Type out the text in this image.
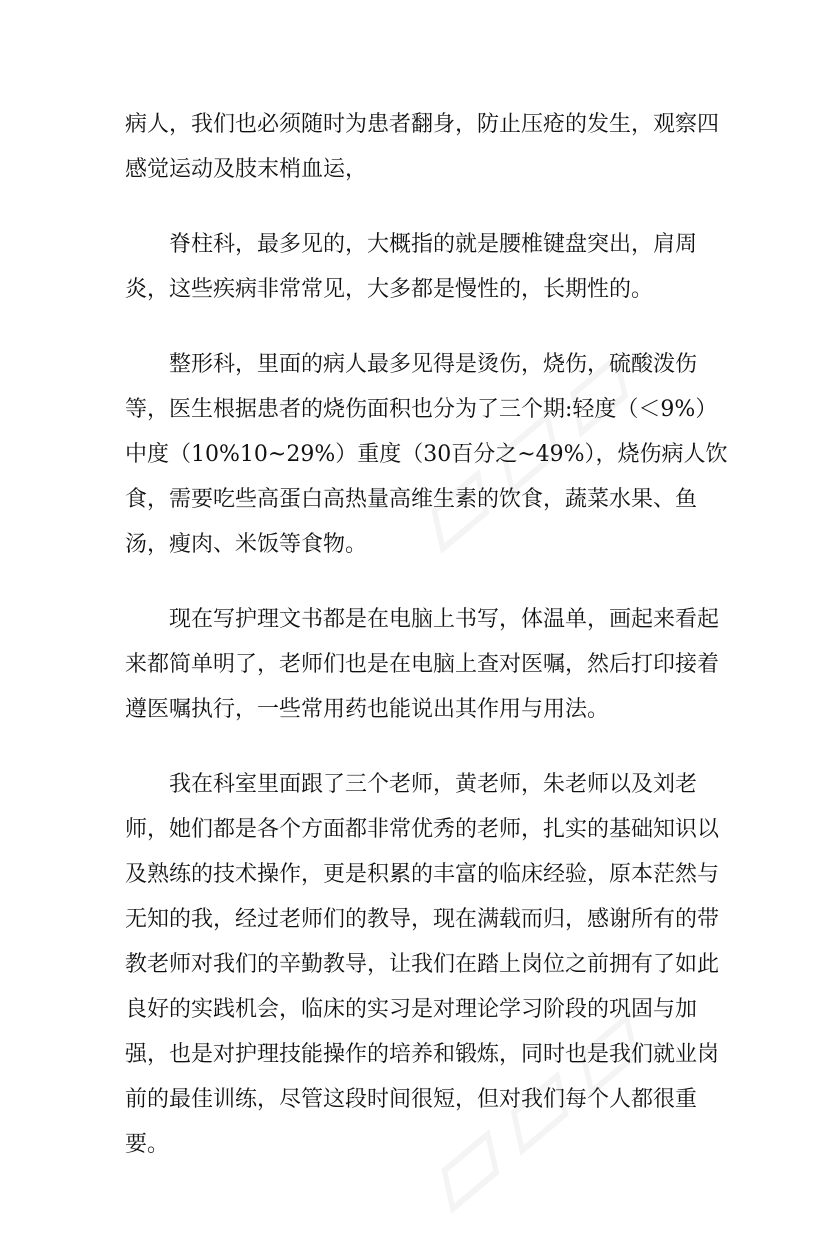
病人，我们也必须随时为患者翻身，防止压疮的发生，观察四
感觉运动及肢末梢血运，

脊柱科，最多见的，大概指的就是腰椎键盘突出，肩周
炎，这些疾病非常常见，大多都是慢性的，长期性的。

整形科，里面的病人最多见得是烫伤，烧伤，硫酸泼伤
等，医生根据患者的烧伤面积也分为了三个期:轻度（＜9%）
中度（10%10~29%）重度（30百分之~49%），烧伤病人饮
食，需要吃些高蛋白高热量高维生素的饮食，蔬菜水果、鱼
汤，瘦肉、米饭等食物。

现在写护理文书都是在电脑上书写，体温单，画起来看起
来都简单明了，老师们也是在电脑上查对医嘱，然后打印接着
遵医嘱执行，一些常用药也能说出其作用与用法。

我在科室里面跟了三个老师，黄老师，朱老师以及刘老
师，她们都是各个方面都非常优秀的老师，扎实的基础知识以
及熟练的技术操作，更是积累的丰富的临床经验，原本茫然与
无知的我，经过老师们的教导，现在满载而归，感谢所有的带
教老师对我们的辛勤教导，让我们在踏上岗位之前拥有了如此
良好的实践机会，临床的实习是对理论学习阶段的巩固与加
强，也是对护理技能操作的培养和锻炼，同时也是我们就业岗
前的最佳训练，尽管这段时间很短，但对我们每个人都很重
要。
